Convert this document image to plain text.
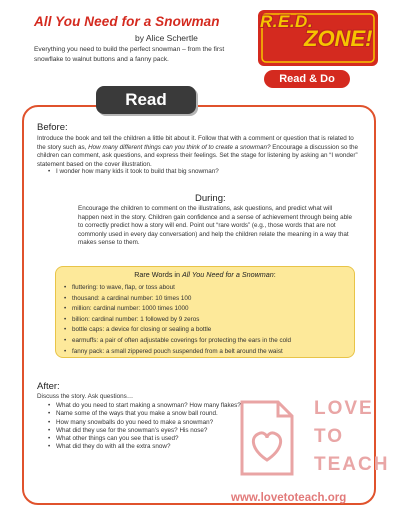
All You Need for a Snowman
by Alice Schertle
Everything you need to build the perfect snowman – from the first snowflake to walnut buttons and a fanny pack.
R.E.D.
ZONE!
Read & Do
Read
Before:
Introduce the book and tell the children a little bit about it. Follow that with a comment or question that is related to the story such as, How many different things can you think of to create a snowman? Encourage a discussion so the children can comment, ask questions, and express their feelings. Set the stage for listening by asking an “I wonder” statement based on the cover illustration.
• I wonder how many kids it took to build that big snowman?
During:
Encourage the children to comment on the illustrations, ask questions, and predict what will happen next in the story. Children gain confidence and a sense of achievement through being able to correctly predict how a story will end. Point out “rare words” (e.g., those words that are not commonly used in every day conversation) and help the children relate the meaning in a way that makes sense to them.
Rare Words in All You Need for a Snowman:
• fluttering: to wave, flap, or toss about
• thousand: a cardinal number: 10 times 100
• million: cardinal number: 1000 times 1000
• billion: cardinal number: 1 followed by 9 zeros
• bottle caps: a device for closing or sealing a bottle
• earmuffs: a pair of often adjustable coverings for protecting the ears in the cold
• fanny pack: a small zippered pouch suspended from a belt around the waist
After:
Discuss the story. Ask questions…
• What do you need to start making a snowman? How many flakes?
• Name some of the ways that you make a snow ball round.
• How many snowballs do you need to make a snowman?
• What did they use for the snowman’s eyes? His nose?
• What other things can you see that is used?
• What did they do with all the extra snow?
LOVE
TO
TEACH
www.lovetoteach.org
